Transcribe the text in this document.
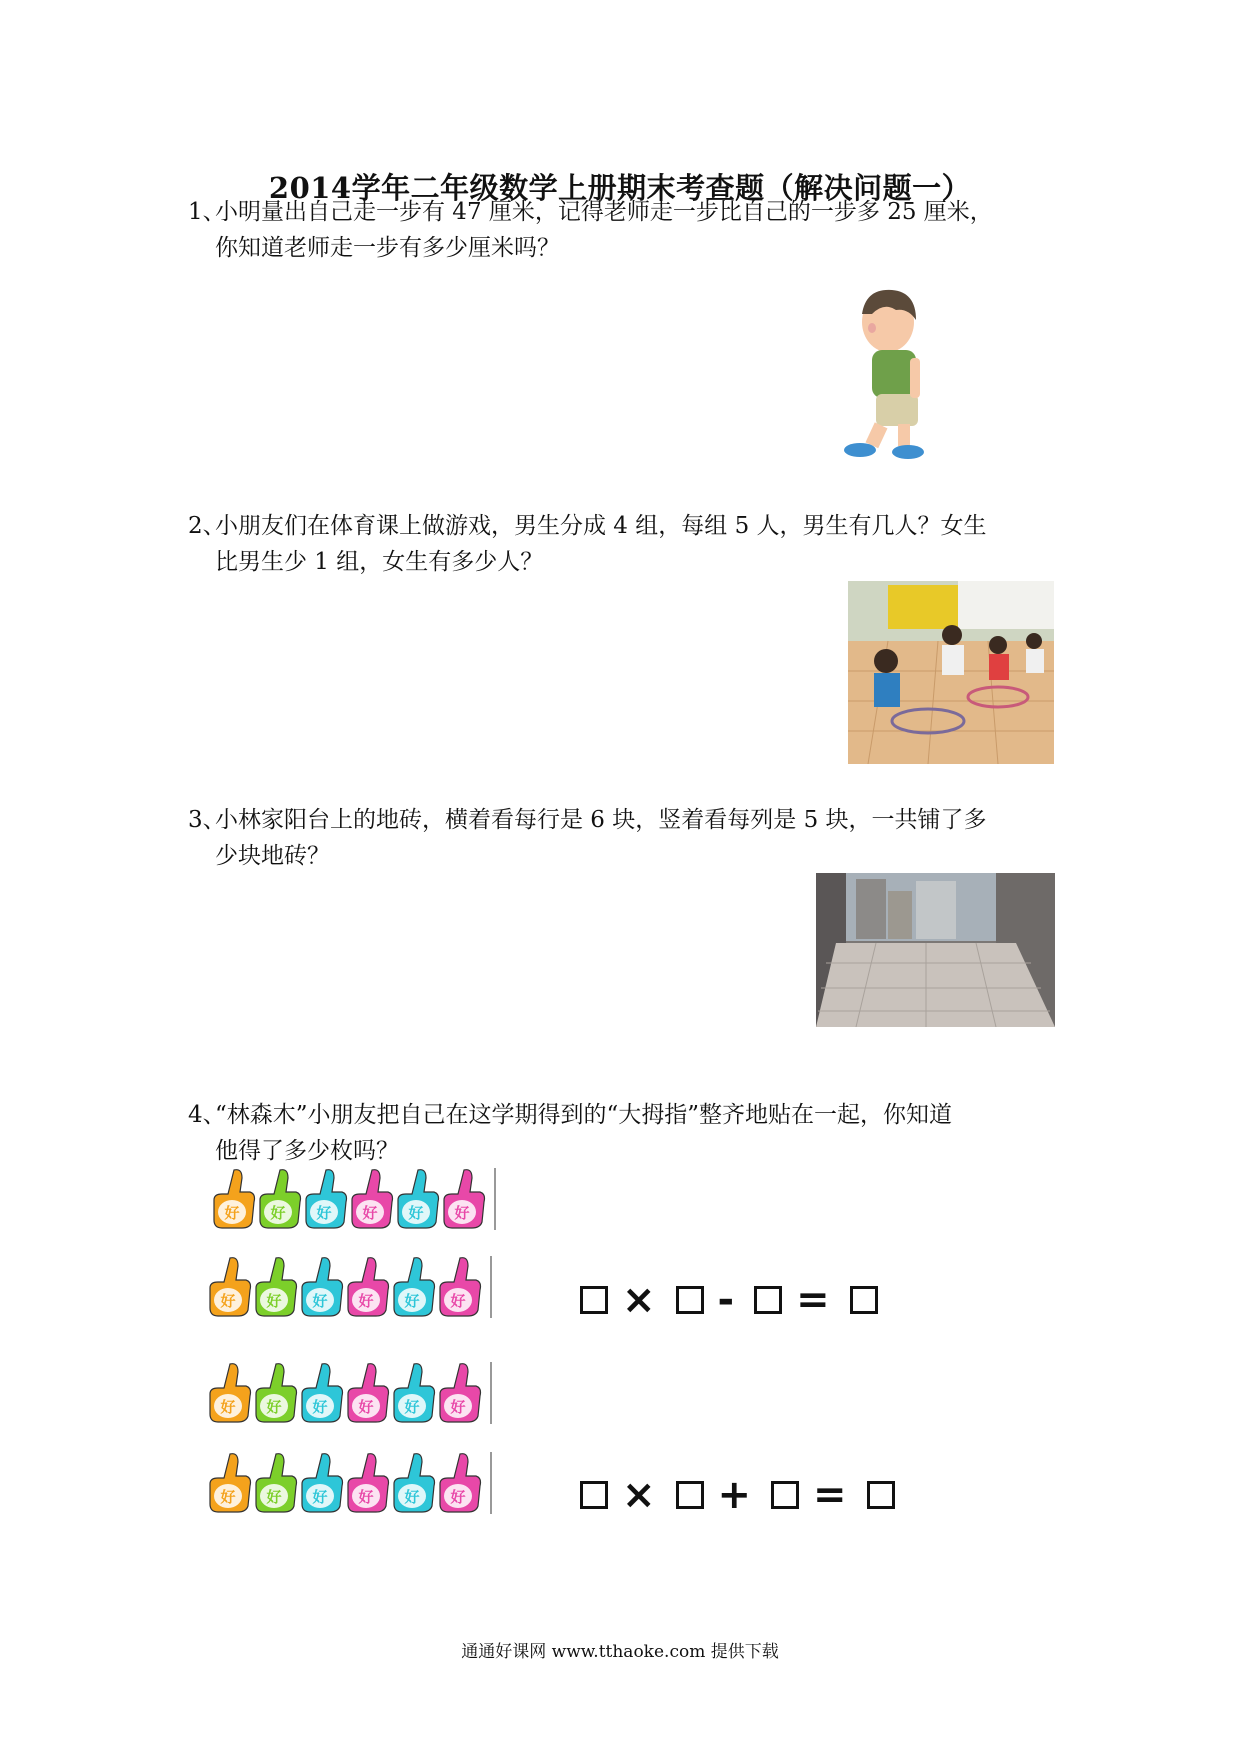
2014学年二年级数学上册期末考查题（解决问题一）
1、
小明量出自己走一步有 47 厘米，记得老师走一步比自己的一步多 25 厘米，
你知道老师走一步有多少厘米吗？
2、
小朋友们在体育课上做游戏，男生分成 4 组，每组 5 人，男生有几人？女生
比男生少 1 组，女生有多少人？
3、
小林家阳台上的地砖，横着看每行是 6 块，竖着看每列是 5 块，一共铺了多
少块地砖？
4、
“林森木”小朋友把自己在这学期得到的“大拇指”整齐地贴在一起，你知道
他得了多少枚吗？
好 好 好 好 好 好
好 好 好 好 好 好
好 好 好 好 好 好
好 好 好 好 好 好
× - =
× + =
通通好课网 www.tthaoke.com 提供下载
